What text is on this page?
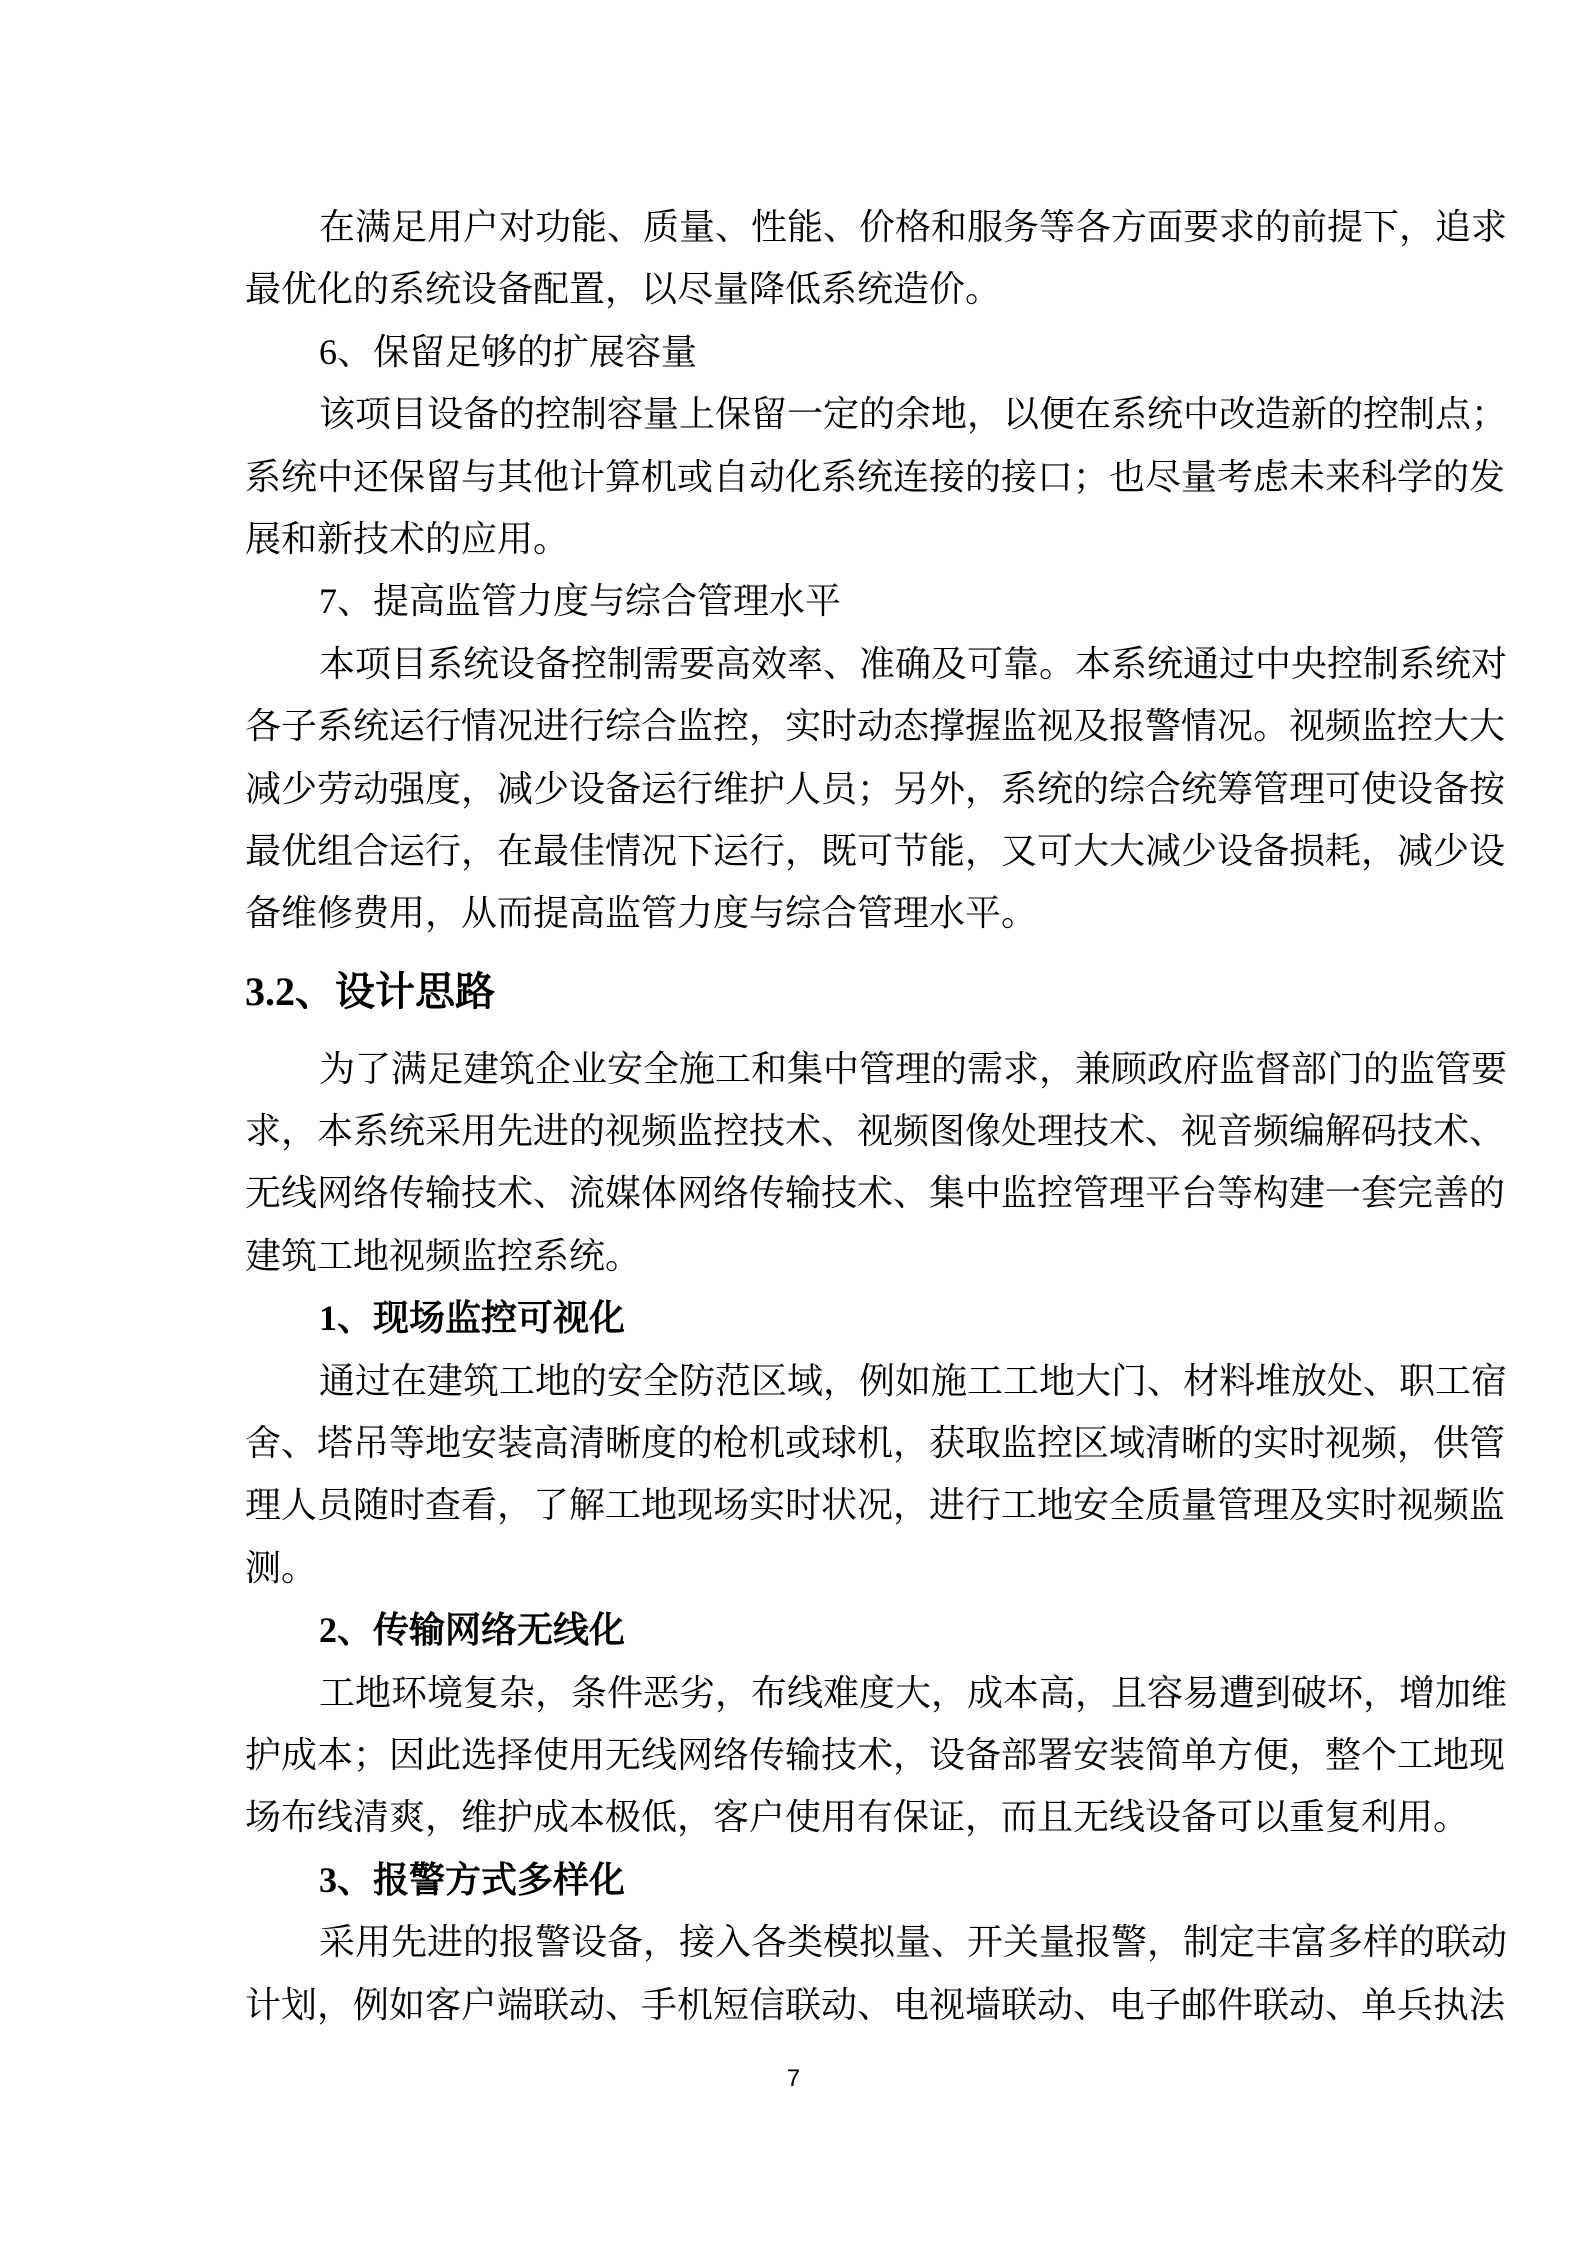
在满足用户对功能、质量、性能、价格和服务等各方面要求的前提下，追求
最优化的系统设备配置，以尽量降低系统造价。
6、保留足够的扩展容量
该项目设备的控制容量上保留一定的余地，以便在系统中改造新的控制点；
系统中还保留与其他计算机或自动化系统连接的接口；也尽量考虑未来科学的发
展和新技术的应用。
7、提高监管力度与综合管理水平
本项目系统设备控制需要高效率、准确及可靠。本系统通过中央控制系统对
各子系统运行情况进行综合监控，实时动态撑握监视及报警情况。视频监控大大
减少劳动强度，减少设备运行维护人员；另外，系统的综合统筹管理可使设备按
最优组合运行，在最佳情况下运行，既可节能，又可大大减少设备损耗，减少设
备维修费用，从而提高监管力度与综合管理水平。
3.2、设计思路
为了满足建筑企业安全施工和集中管理的需求，兼顾政府监督部门的监管要
求，本系统采用先进的视频监控技术、视频图像处理技术、视音频编解码技术、
无线网络传输技术、流媒体网络传输技术、集中监控管理平台等构建一套完善的
建筑工地视频监控系统。
1、现场监控可视化
通过在建筑工地的安全防范区域，例如施工工地大门、材料堆放处、职工宿
舍、塔吊等地安装高清晰度的枪机或球机，获取监控区域清晰的实时视频，供管
理人员随时查看，了解工地现场实时状况，进行工地安全质量管理及实时视频监
测。
2、传输网络无线化
工地环境复杂，条件恶劣，布线难度大，成本高，且容易遭到破坏，增加维
护成本；因此选择使用无线网络传输技术，设备部署安装简单方便，整个工地现
场布线清爽，维护成本极低，客户使用有保证，而且无线设备可以重复利用。
3、报警方式多样化
采用先进的报警设备，接入各类模拟量、开关量报警，制定丰富多样的联动
计划，例如客户端联动、手机短信联动、电视墙联动、电子邮件联动、单兵执法
7
